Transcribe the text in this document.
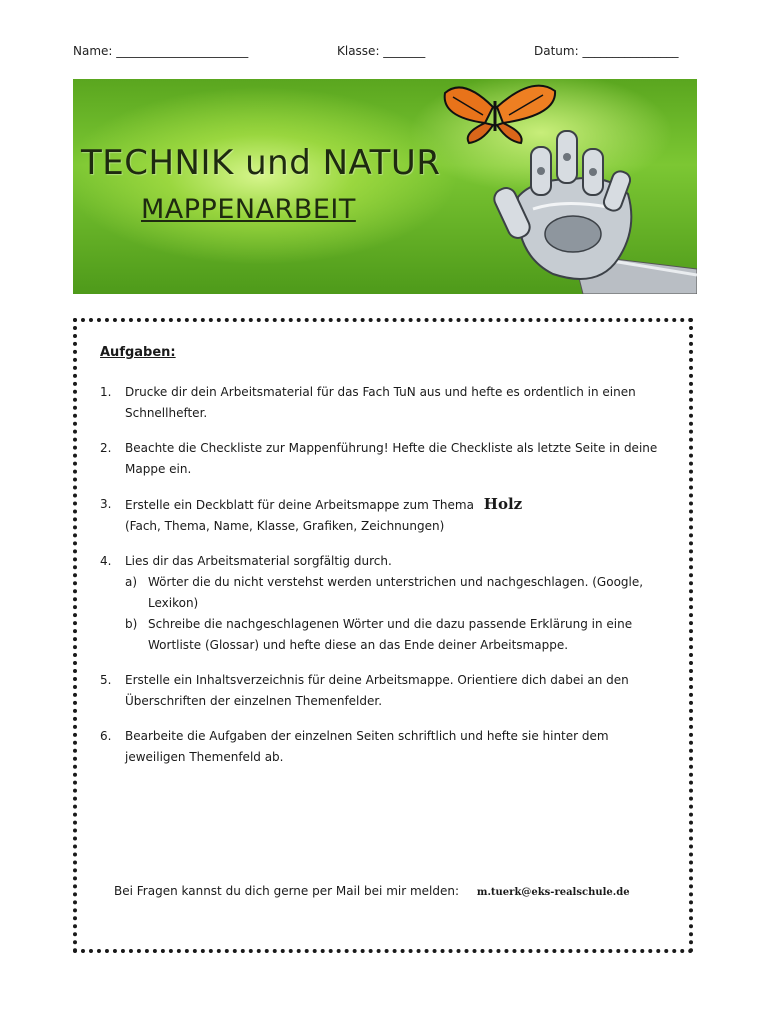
Name: ______________________	Klasse: _______	Datum: ________________
TECHNIK und NATUR
MAPPENARBEIT
Aufgaben:
1. Drucke dir dein Arbeitsmaterial für das Fach TuN aus und hefte es ordentlich in einen Schnellhefter.
2. Beachte die Checkliste zur Mappenführung! Hefte die Checkliste als letzte Seite in deine Mappe ein.
3. Erstelle ein Deckblatt für deine Arbeitsmappe zum Thema Holz
(Fach, Thema, Name, Klasse, Grafiken, Zeichnungen)
4. Lies dir das Arbeitsmaterial sorgfältig durch.
a) Wörter die du nicht verstehst werden unterstrichen und nachgeschlagen. (Google, Lexikon)
b) Schreibe die nachgeschlagenen Wörter und die dazu passende Erklärung in eine Wortliste (Glossar) und hefte diese an das Ende deiner Arbeitsmappe.
5. Erstelle ein Inhaltsverzeichnis für deine Arbeitsmappe. Orientiere dich dabei an den Überschriften der einzelnen Themenfelder.
6. Bearbeite die Aufgaben der einzelnen Seiten schriftlich und hefte sie hinter dem jeweiligen Themenfeld ab.
Bei Fragen kannst du dich gerne per Mail bei mir melden: m.tuerk@eks-realschule.de
